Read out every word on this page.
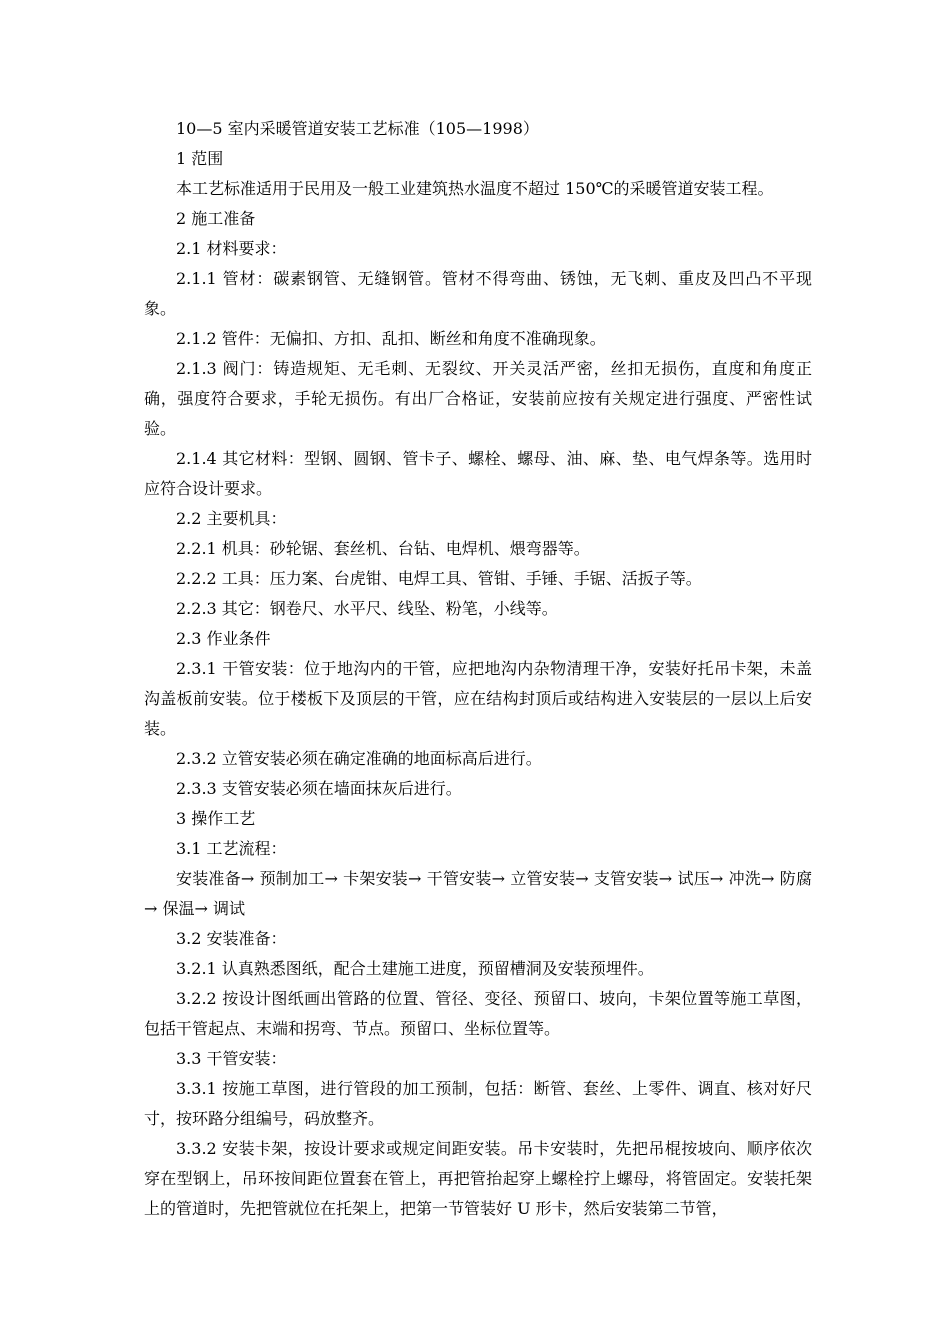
10—5 室内采暖管道安装工艺标准（105—1998）

1 范围

本工艺标准适用于民用及一般工业建筑热水温度不超过 150℃的采暖管道安装工程。

2 施工准备

2.1 材料要求：

2.1.1 管材：碳素钢管、无缝钢管。管材不得弯曲、锈蚀，无飞刺、重皮及凹凸不平现象。

2.1.2 管件：无偏扣、方扣、乱扣、断丝和角度不准确现象。

2.1.3 阀门：铸造规矩、无毛刺、无裂纹、开关灵活严密，丝扣无损伤，直度和角度正确，强度符合要求，手轮无损伤。有出厂合格证，安装前应按有关规定进行强度、严密性试验。

2.1.4 其它材料：型钢、圆钢、管卡子、螺栓、螺母、油、麻、垫、电气焊条等。选用时应符合设计要求。

2.2 主要机具：

2.2.1 机具：砂轮锯、套丝机、台钻、电焊机、煨弯器等。

2.2.2 工具：压力案、台虎钳、电焊工具、管钳、手锤、手锯、活扳子等。

2.2.3 其它：钢卷尺、水平尺、线坠、粉笔，小线等。

2.3 作业条件

2.3.1 干管安装：位于地沟内的干管，应把地沟内杂物清理干净，安装好托吊卡架，未盖沟盖板前安装。位于楼板下及顶层的干管，应在结构封顶后或结构进入安装层的一层以上后安装。

2.3.2 立管安装必须在确定准确的地面标高后进行。

2.3.3 支管安装必须在墙面抹灰后进行。

3 操作工艺

3.1 工艺流程：

安装准备→ 预制加工→ 卡架安装→ 干管安装→ 立管安装→ 支管安装→ 试压→ 冲洗→ 防腐→ 保温→ 调试

3.2 安装准备：

3.2.1 认真熟悉图纸，配合土建施工进度，预留槽洞及安装预埋件。

3.2.2 按设计图纸画出管路的位置、管径、变径、预留口、坡向，卡架位置等施工草图，包括干管起点、末端和拐弯、节点。预留口、坐标位置等。

3.3 干管安装：

3.3.1 按施工草图，进行管段的加工预制，包括：断管、套丝、上零件、调直、核对好尺寸，按环路分组编号，码放整齐。

3.3.2 安装卡架，按设计要求或规定间距安装。吊卡安装时，先把吊棍按坡向、顺序依次穿在型钢上，吊环按间距位置套在管上，再把管抬起穿上螺栓拧上螺母，将管固定。安装托架上的管道时，先把管就位在托架上，把第一节管装好 U 形卡，然后安装第二节管，
